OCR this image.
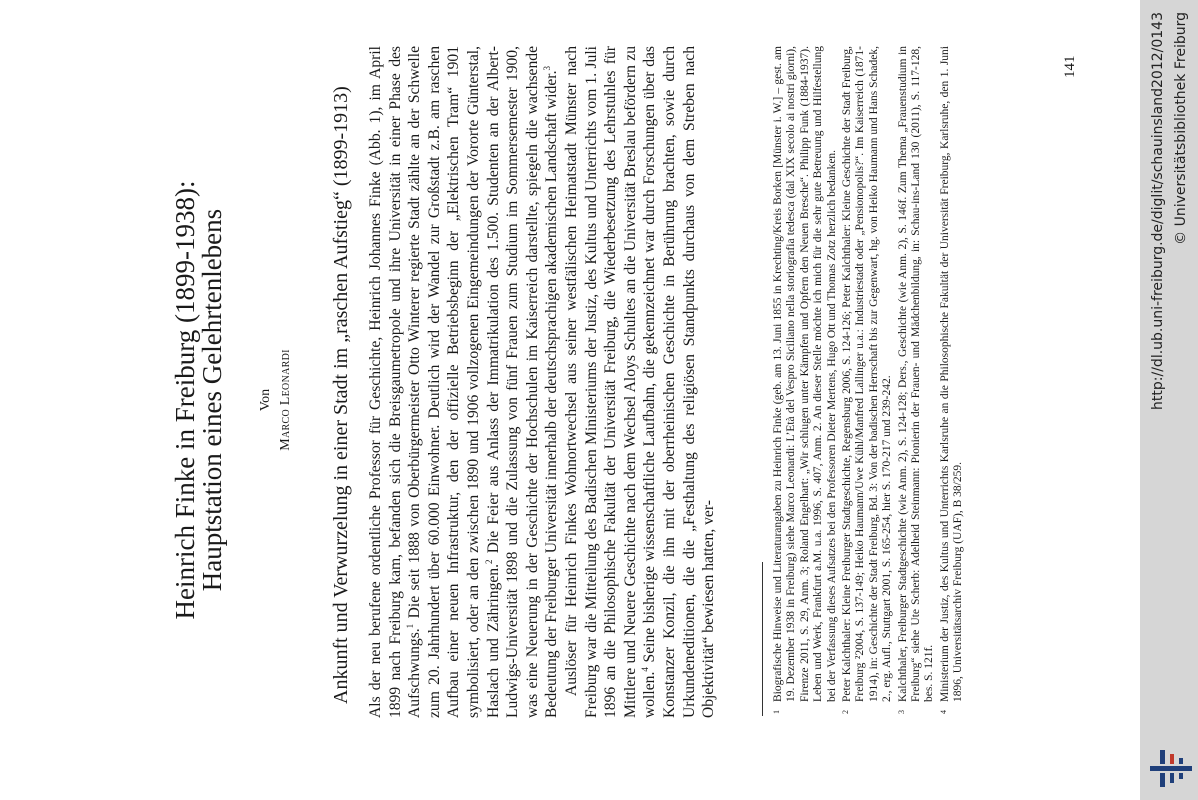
Heinrich Finke in Freiburg (1899-1938):
Hauptstation eines Gelehrtenlebens Von Marco Leonardi Ankunft und Verwurzelung in einer Stadt im „raschen Aufstieg“ (1899-1913) Als der neu berufene ordentliche Professor für Geschichte, Heinrich Johannes Finke (Abb. 1), im April 1899 nach Freiburg kam, befanden sich die Breisgaumetropole und ihre Universität in einer Phase des Aufschwungs.$^1$ Die seit 1888 von Oberbürgermeister Otto Winterer regierte Stadt zählte an der Schwelle zum 20. Jahrhundert über 60.000 Einwohner. Deutlich wird der Wandel zur Großstadt z.B. am raschen Aufbau einer neuen Infrastruktur, den der offizielle Betriebsbeginn der „Elektrischen Tram“ 1901 symbolisiert, oder an den zwischen 1890 und 1906 vollzogenen Eingemeindungen der Vororte Günterstal, Haslach und Zähringen.$^2$ Die Feier aus Anlass der Immatrikulation des 1.500. Studenten an der Albert-Ludwigs-Universität 1898 und die Zulassung von fünf Frauen zum Studium im Sommersemester 1900, was eine Neuerung in der Geschichte der Hochschulen im Kaiserreich darstellte, spiegeln die wachsende Bedeutung der Freiburger Universität innerhalb der deutschsprachigen akademischen Landschaft wider.$^3$ Auslöser für Heinrich Finkes Wohnortwechsel aus seiner westfälischen Heimatstadt Münster nach Freiburg war die Mitteilung des Badischen Ministeriums der Justiz, des Kultus und Unterrichts vom 1. Juli 1896 an die Philosophische Fakultät der Universität Freiburg, die Wiederbesetzung des Lehrstuhles für Mittlere und Neuere Geschichte nach dem Wechsel Aloys Schultes an die Universität Breslau befördern zu wollen.$^4$ Seine bisherige wissenschaftliche Laufbahn, die gekennzeichnet war durch Forschungen über das Konstanzer Konzil, die ihn mit der oberrheinischen Geschichte in Berührung brachten, sowie durch Urkundeneditionen, die die „Festhaltung des religiösen Standpunkts durchaus von dem Streben nach Objektivität“ bewiesen hatten, ver-	1
Biografische Hinweise und Literaturangaben zu Heinrich Finke (geb. am 13. Juni 1855 in Krechting/Kreis Borken [Münster i. W.] – gest. am 19. Dezember 1938 in Freiburg) siehe Marco Leonardi: L’Età del Vespro Siciliano nella storiografia tedesca (dal XIX secolo ai nostri giorni), Firenze 2011, S. 29, Anm. 3; Roland Engelhart: „Wir schlugen unter Kämpfen und Opfern den Neuen Bresche“. Philipp Funk (1884-1937). Leben und Werk, Frankfurt a.M. u.a. 1996, S. 407, Anm. 2. An dieser Stelle möchte ich mich für die sehr gute Betreuung und Hilfestellung bei der Verfassung dieses Aufsatzes bei den Professoren Dieter Mertens, Hugo Ott und Thomas Zotz herzlich bedanken.
2
Peter Kalchthaler: Kleine Freiburger Stadtgeschichte, Regensburg 2006, S. 124-126; Peter Kalchthaler: Kleine Geschichte der Stadt Freiburg, Freiburg ²2004, S. 137-149; Heiko Haumann/Uwe Kühl/Manfred Lallinger u.a.: Industriestadt oder „Pensionopolis?“. Im Kaiserreich (1871-1914), in: Geschichte der Stadt Freiburg, Bd. 3: Von der badischen Herrschaft bis zur Gegenwart, hg. von Heiko Haumann und Hans Schadek, 2., erg. Aufl., Stuttgart 2001, S. 165-254, hier S. 170-217 und 239-242.
3
Kalchthaler, Freiburger Stadtgeschichte (wie Anm. 2), S. 124-128; Ders., Geschichte (wie Anm. 2), S. 146f. Zum Thema „Frauenstudium in Freiburg“ siehe Ute Scherb: Adelheid Steinmann: Pionierin der Frauen- und Mädchenbildung, in: Schau-ins-Land 130 (2011), S. 117-128, bes. S. 121f.
4
Ministerium der Justiz, des Kultus und Unterrichts Karlsruhe an die Philosophische Fakultät der Universität Freiburg, Karlsruhe, den 1. Juni 1896, Universitätsarchiv Freiburg (UAF), B 38/259.
141	http://dl.ub.uni-freiburg.de/diglit/schauinsland2012/0143 © Universitätsbibliothek Freiburg
